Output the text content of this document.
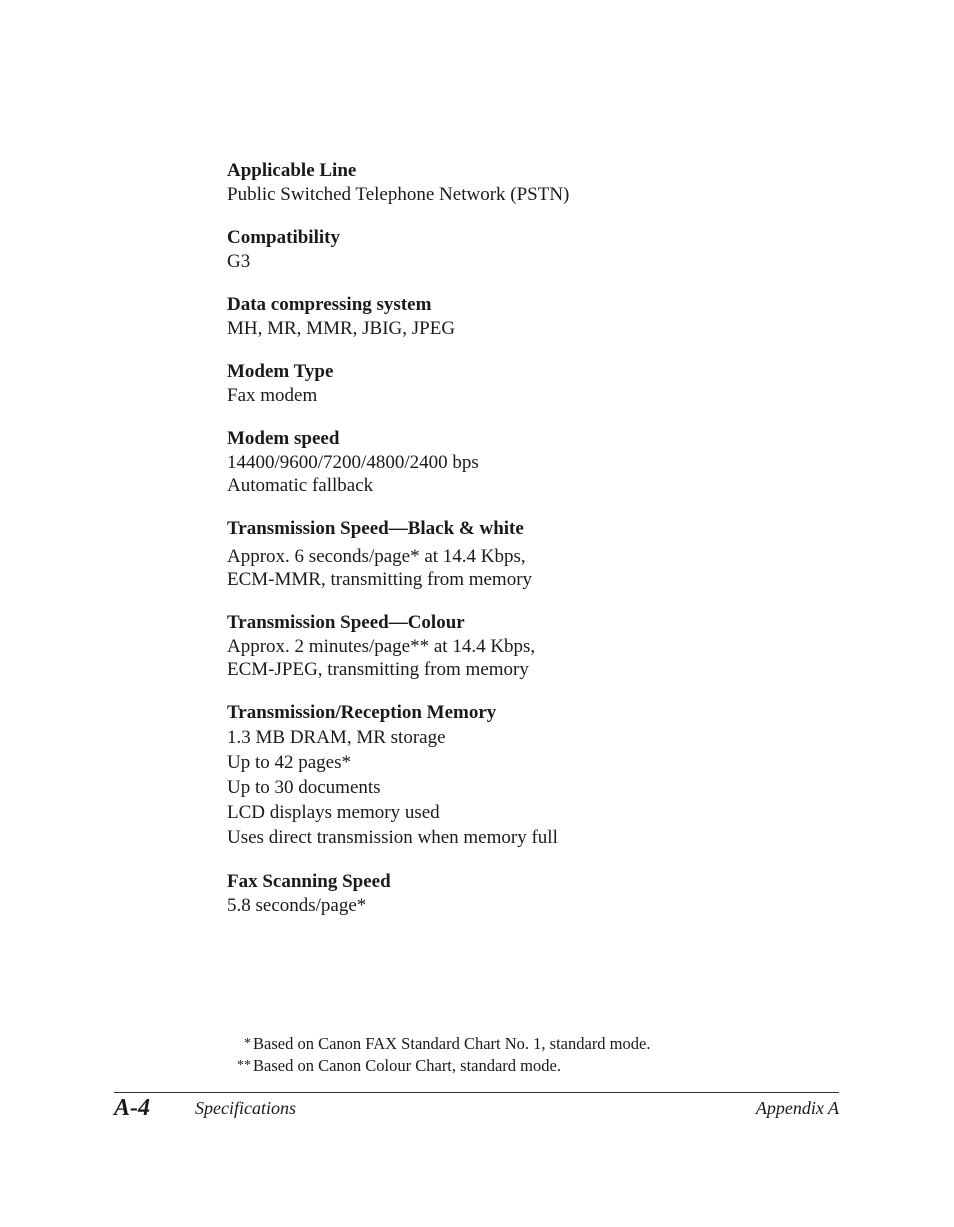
Applicable Line
Public Switched Telephone Network (PSTN)
Compatibility
G3
Data compressing system
MH, MR, MMR, JBIG, JPEG
Modem Type
Fax modem
Modem speed
14400/9600/7200/4800/2400 bps
Automatic fallback
Transmission Speed—Black & white
Approx. 6 seconds/page* at 14.4 Kbps,
ECM-MMR, transmitting from memory
Transmission Speed—Colour
Approx. 2 minutes/page** at 14.4 Kbps,
ECM-JPEG, transmitting from memory
Transmission/Reception Memory
1.3 MB DRAM, MR storage
Up to 42 pages*
Up to 30 documents
LCD displays memory used
Uses direct transmission when memory full
Fax Scanning Speed
5.8 seconds/page*
* Based on Canon FAX Standard Chart No. 1, standard mode.
** Based on Canon Colour Chart, standard mode.
A-4	Specifications	Appendix A
